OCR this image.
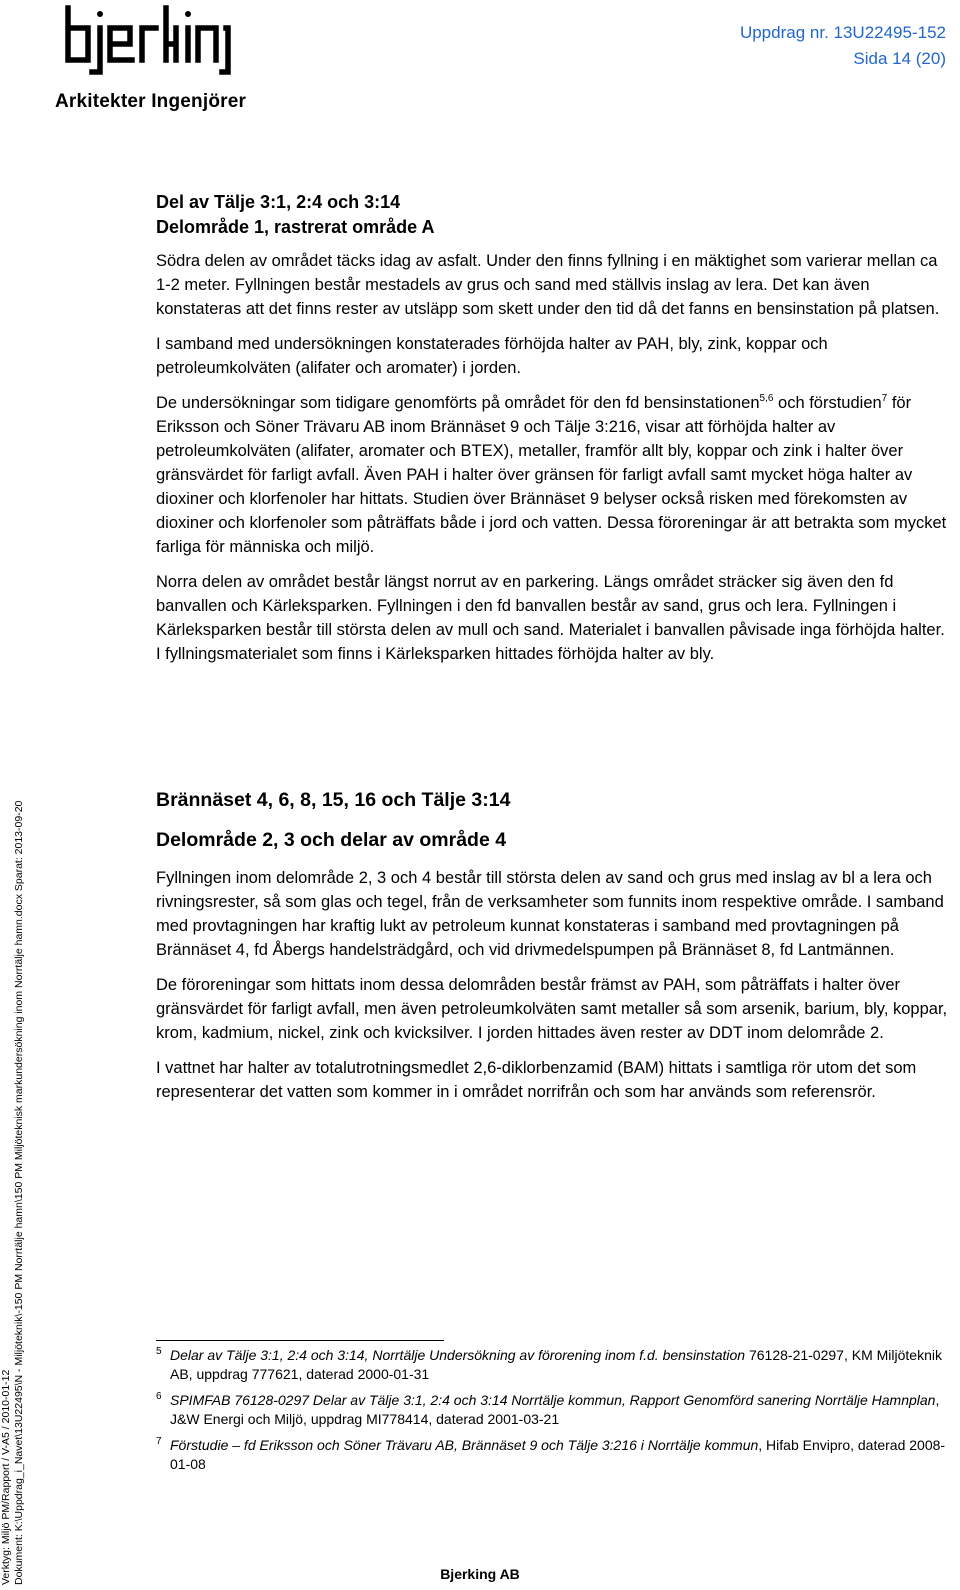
Arkitekter Ingenjörer
Uppdrag nr. 13U22495-152
Sida 14 (20)
Verktyg: Miljö PM/Rapport / V-A5 / 2010-01-12 Dokument: K:\Uppdrag_i_Navet\13U22495\N - Miljöteknik\-150 PM Norrtälje hamn\150 PM Miljöteknisk markundersökning inom Norrtälje hamn.docx Sparat: 2013-09-20
Del av Tälje 3:1, 2:4 och 3:14
Delområde 1, rastrerat område A

Södra delen av området täcks idag av asfalt. Under den finns fyllning i en mäktighet som varierar mellan ca 1-2 meter. Fyllningen består mestadels av grus och sand med ställvis inslag av lera. Det kan även konstateras att det finns rester av utsläpp som skett under den tid då det fanns en bensinstation på platsen.

I samband med undersökningen konstaterades förhöjda halter av PAH, bly, zink, koppar och petroleumkolväten (alifater och aromater) i jorden.

De undersökningar som tidigare genomförts på området för den fd bensinstationen$^{5,6}$ och förstudien$^7$ för Eriksson och Söner Trävaru AB inom Brännäset 9 och Tälje 3:216, visar att förhöjda halter av petroleumkolväten (alifater, aromater och BTEX), metaller, framför allt bly, koppar och zink i halter över gränsvärdet för farligt avfall. Även PAH i halter över gränsen för farligt avfall samt mycket höga halter av dioxiner och klorfenoler har hittats. Studien över Brännäset 9 belyser också risken med förekomsten av dioxiner och klorfenoler som påträffats både i jord och vatten. Dessa föroreningar är att betrakta som mycket farliga för människa och miljö.

Norra delen av området består längst norrut av en parkering. Längs området sträcker sig även den fd banvallen och Kärleksparken. Fyllningen i den fd banvallen består av sand, grus och lera. Fyllningen i Kärleksparken består till största delen av mull och sand. Materialet i banvallen påvisade inga förhöjda halter. I fyllningsmaterialet som finns i Kärleksparken hittades förhöjda halter av bly.

Brännäset 4, 6, 8, 15, 16 och Tälje 3:14
Delområde 2, 3 och delar av område 4

Fyllningen inom delområde 2, 3 och 4 består till största delen av sand och grus med inslag av bl a lera och rivningsrester, så som glas och tegel, från de verksamheter som funnits inom respektive område. I samband med provtagningen har kraftig lukt av petroleum kunnat konstateras i samband med provtagningen på Brännäset 4, fd Åbergs handelsträdgård, och vid drivmedelspumpen på Brännäset 8, fd Lantmännen.

De föroreningar som hittats inom dessa delområden består främst av PAH, som påträffats i halter över gränsvärdet för farligt avfall, men även petroleumkolväten samt metaller så som arsenik, barium, bly, koppar, krom, kadmium, nickel, zink och kvicksilver. I jorden hittades även rester av DDT inom delområde 2.

I vattnet har halter av totalutrotningsmedlet 2,6-diklorbenzamid (BAM) hittats i samtliga rör utom det som representerar det vatten som kommer in i området norrifrån och som har används som referensrör.

5 Delar av Tälje 3:1, 2:4 och 3:14, Norrtälje Undersökning av förorening inom f.d. bensinstation 76128-21-0297, KM Miljöteknik AB, uppdrag 777621, daterad 2000-01-31
6 SPIMFAB 76128-0297 Delar av Tälje 3:1, 2:4 och 3:14 Norrtälje kommun, Rapport Genomförd sanering Norrtälje Hamnplan, J&W Energi och Miljö, uppdrag MI778414, daterad 2001-03-21
7 Förstudie – fd Eriksson och Söner Trävaru AB, Brännäset 9 och Tälje 3:216 i Norrtälje kommun, Hifab Envipro, daterad 2008-01-08
Bjerking AB
